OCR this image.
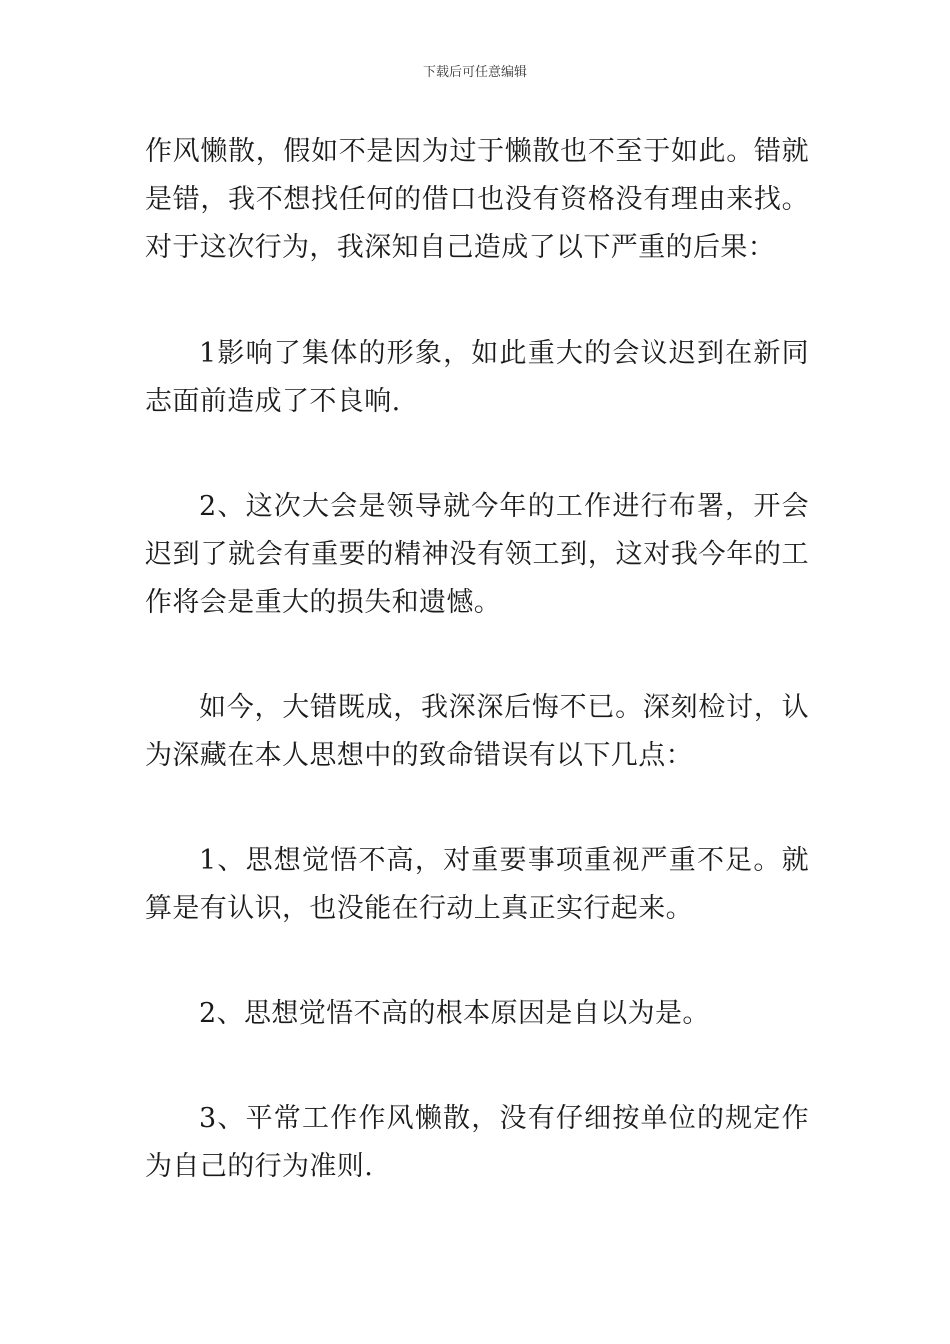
下载后可任意编辑

作风懒散，假如不是因为过于懒散也不至于如此。错就是错，我不想找任何的借口也没有资格没有理由来找。对于这次行为，我深知自己造成了以下严重的后果：

1影响了集体的形象，如此重大的会议迟到在新同志面前造成了不良响.

2、这次大会是领导就今年的工作进行布署，开会迟到了就会有重要的精神没有领工到，这对我今年的工作将会是重大的损失和遗憾。

如今，大错既成，我深深后悔不已。深刻检讨，认为深藏在本人思想中的致命错误有以下几点：

1、思想觉悟不高，对重要事项重视严重不足。就算是有认识，也没能在行动上真正实行起来。

2、思想觉悟不高的根本原因是自以为是。

3、平常工作作风懒散，没有仔细按单位的规定作为自己的行为准则.
